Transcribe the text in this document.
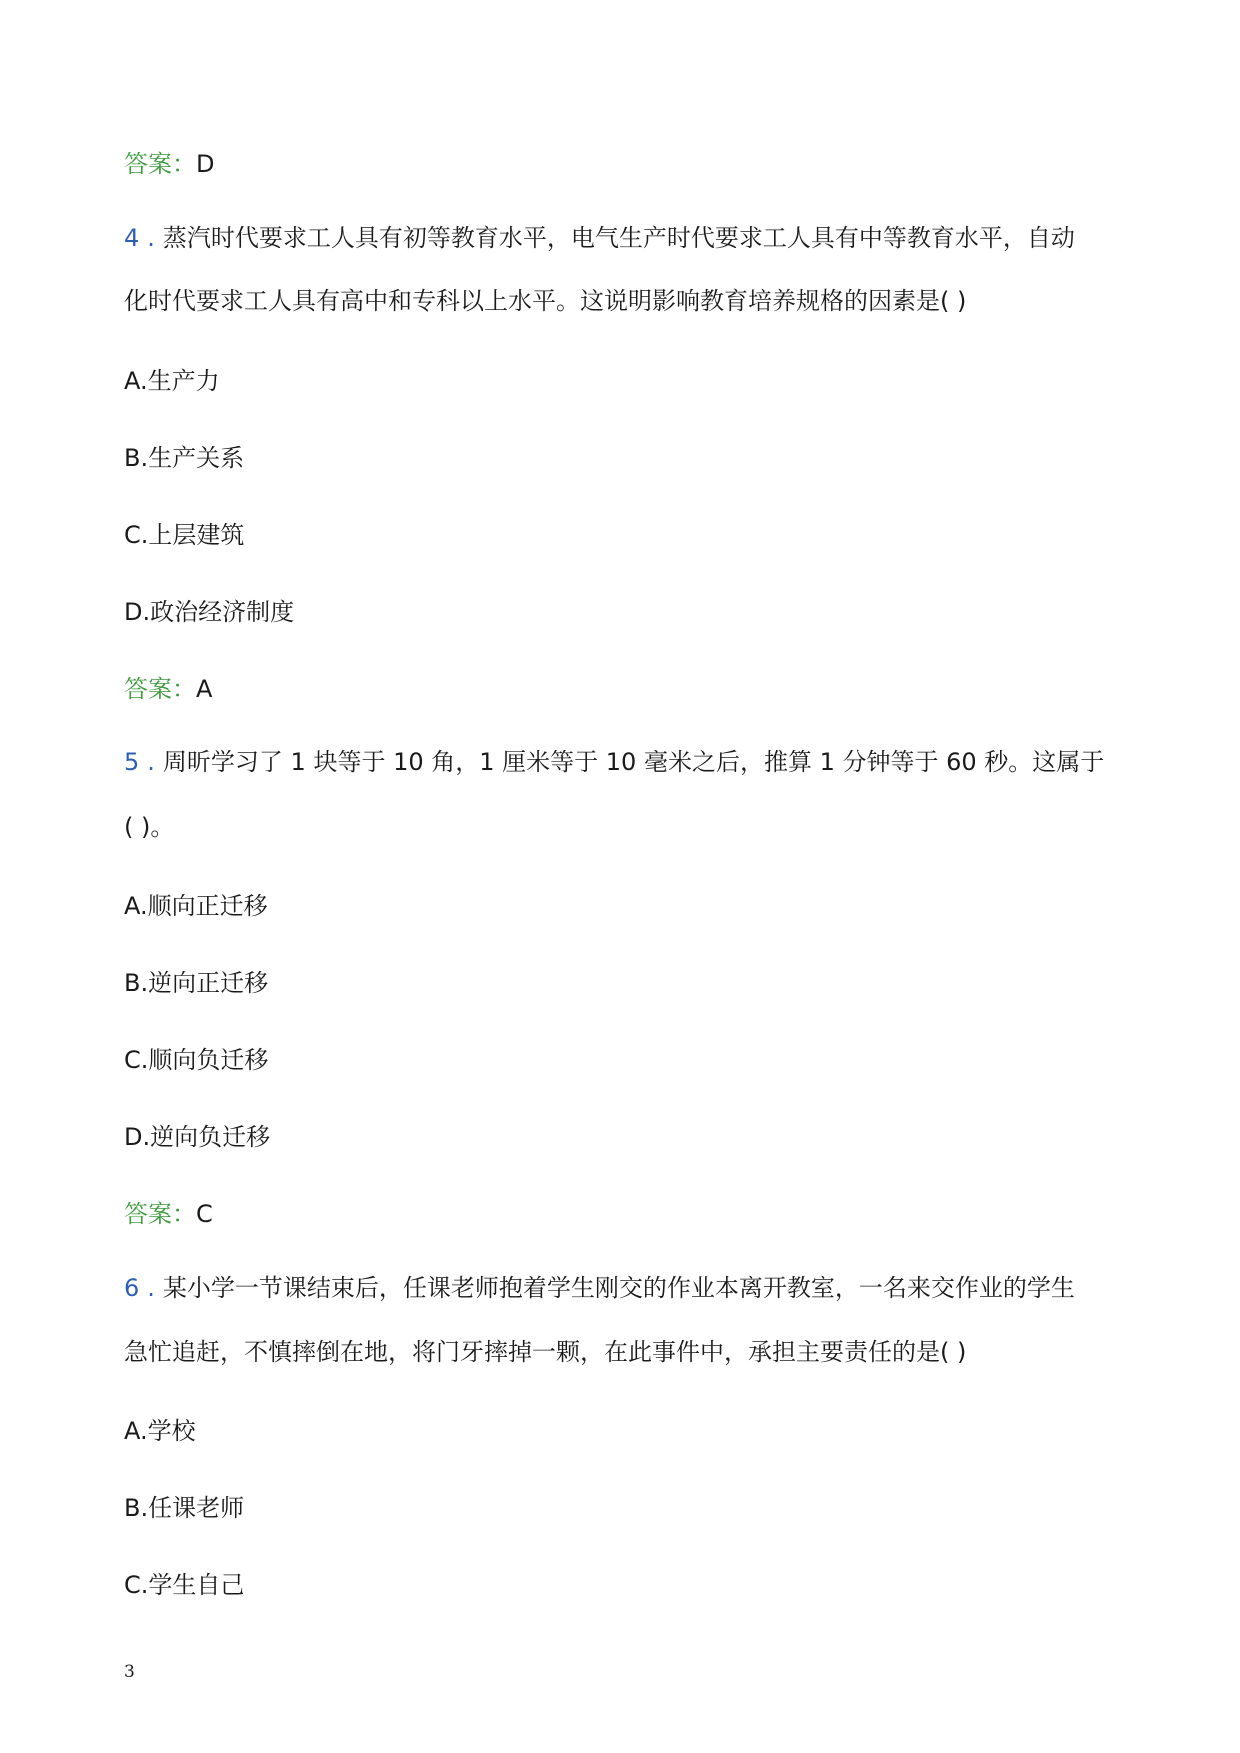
答案：D
4 . 蒸汽时代要求工人具有初等教育水平，电气生产时代要求工人具有中等教育水平，自动
化时代要求工人具有高中和专科以上水平。这说明影响教育培养规格的因素是( )
A.生产力
B.生产关系
C.上层建筑
D.政治经济制度
答案：A
5 . 周昕学习了 1 块等于 10 角，1 厘米等于 10 毫米之后，推算 1 分钟等于 60 秒。这属于
( )。
A.顺向正迁移
B.逆向正迁移
C.顺向负迁移
D.逆向负迁移
答案：C
6 . 某小学一节课结束后，任课老师抱着学生刚交的作业本离开教室，一名来交作业的学生
急忙追赶，不慎摔倒在地，将门牙摔掉一颗，在此事件中，承担主要责任的是( )
A.学校
B.任课老师
C.学生自己
3
